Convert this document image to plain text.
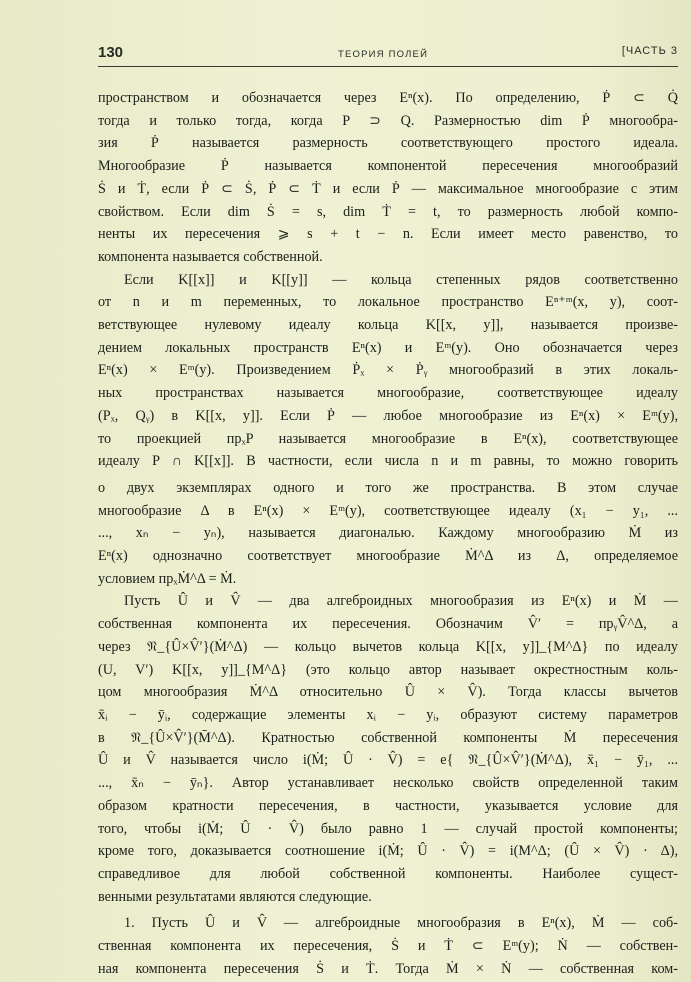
130	ТЕОРИЯ ПОЛЕЙ	[ЧАСТЬ 3
пространством и обозначается через Eⁿ(x). По определению, Ṗ ⊂ Q̇
тогда и только тогда, когда P ⊃ Q. Размерностью dim Ṗ многообра-
зия Ṗ называется размерность соответствующего простого идеала.
Многообразие Ṗ называется компонентой пересечения многообразий
Ṡ и Ṫ, если Ṗ ⊂ Ṡ, Ṗ ⊂ Ṫ и если Ṗ — максимальное многообразие с этим
свойством. Если dim Ṡ = s, dim Ṫ = t, то размерность любой компо-
ненты их пересечения ⩾ s + t − n. Если имеет место равенство, то
компонента называется собственной.
Если K[[x]] и K[[y]] — кольца степенных рядов соответственно
от n и m переменных, то локальное пространство Eⁿ⁺ᵐ(x, y), соот-
ветствующее нулевому идеалу кольца K[[x, y]], называется произве-
дением локальных пространств Eⁿ(x) и Eᵐ(y). Оно обозначается через
Eⁿ(x) × Eᵐ(y). Произведением Ṗₓ × Ṗᵧ многообразий в этих локаль-
ных пространствах называется многообразие, соответствующее идеалу
(Pₓ, Qᵧ) в K[[x, y]]. Если Ṗ — любое многообразие из Eⁿ(x) × Eᵐ(y),
то проекцией прₓP называется многообразие в Eⁿ(x), соответствующее
идеалу P ∩ K[[x]]. В частности, если числа n и m равны, то можно говорить
о двух экземплярах одного и того же пространства. В этом случае
многообразие Δ в Eⁿ(x) × Eᵐ(y), соответствующее идеалу (x₁ − y₁, ...
..., xₙ − yₙ), называется диагональю. Каждому многообразию Ṁ из
Eⁿ(x) однозначно соответствует многообразие Ṁ^Δ из Δ, определяемое
условием прₓṀ^Δ = Ṁ.
Пусть Û и V̂ — два алгеброидных многообразия из Eⁿ(x) и Ṁ —
собственная компонента их пересечения. Обозначим V̂′ = прᵧV̂^Δ, а
через 𝔑_{Û×V̂′}(Ṁ^Δ) — кольцо вычетов кольца K[[x, y]]_{M^Δ} по идеалу
(U, V′) K[[x, y]]_{M^Δ} (это кольцо автор называет окрестностным коль-
цом многообразия Ṁ^Δ относительно Û × V̂). Тогда классы вычетов
x̄ᵢ − ȳᵢ, содержащие элементы xᵢ − yᵢ, образуют систему параметров
в 𝔑_{Û×V̂′}(M̄^Δ). Кратностью собственной компоненты Ṁ пересечения
Û и V̂ называется число i(Ṁ; Û · V̂) = e{ 𝔑_{Û×V̂′}(Ṁ^Δ), x̄₁ − ȳ₁, ...
..., x̄ₙ − ȳₙ}. Автор устанавливает несколько свойств определенной таким
образом кратности пересечения, в частности, указывается условие для
того, чтобы i(Ṁ; Û · V̂) было равно 1 — случай простой компоненты;
кроме того, доказывается соотношение i(Ṁ; Û · V̂) = i(M^Δ; (Û × V̂) · Δ),
справедливое для любой собственной компоненты. Наиболее сущест-
венными результатами являются следующие.
1. Пусть Û и V̂ — алгеброидные многообразия в Eⁿ(x), Ṁ — соб-
ственная компонента их пересечения, Ṡ и Ṫ ⊂ Eᵐ(y); Ṅ — собствен-
ная компонента пересечения Ṡ и Ṫ. Тогда Ṁ × Ṅ — собственная ком-
